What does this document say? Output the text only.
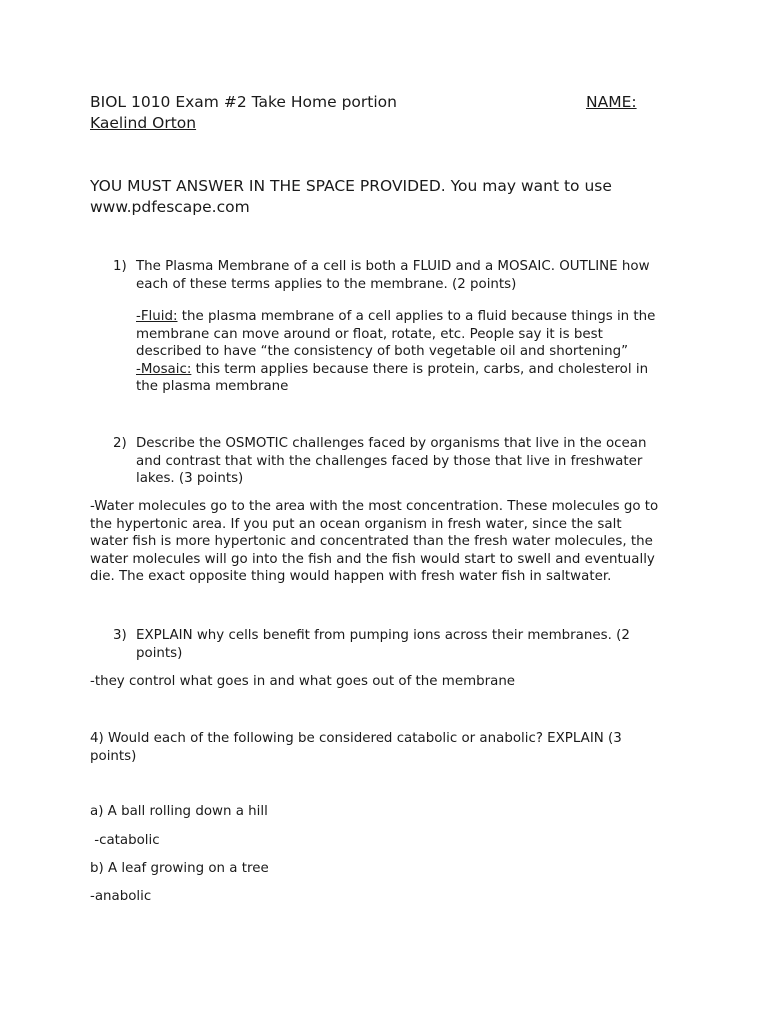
BIOL 1010 Exam #2 Take Home portion	NAME:
Kaelind Orton
YOU MUST ANSWER IN THE SPACE PROVIDED. You may want to use
www.pdfescape.com
1) The Plasma Membrane of a cell is both a FLUID and a MOSAIC. OUTLINE how
each of these terms applies to the membrane. (2 points)
-Fluid: the plasma membrane of a cell applies to a fluid because things in the
membrane can move around or float, rotate, etc. People say it is best
described to have “the consistency of both vegetable oil and shortening”
-Mosaic: this term applies because there is protein, carbs, and cholesterol in
the plasma membrane
2) Describe the OSMOTIC challenges faced by organisms that live in the ocean
and contrast that with the challenges faced by those that live in freshwater
lakes. (3 points)
-Water molecules go to the area with the most concentration. These molecules go to
the hypertonic area. If you put an ocean organism in fresh water, since the salt
water fish is more hypertonic and concentrated than the fresh water molecules, the
water molecules will go into the fish and the fish would start to swell and eventually
die. The exact opposite thing would happen with fresh water fish in saltwater.
3) EXPLAIN why cells benefit from pumping ions across their membranes. (2
points)
-they control what goes in and what goes out of the membrane
4) Would each of the following be considered catabolic or anabolic? EXPLAIN (3
points)
a) A ball rolling down a hill
-catabolic
b) A leaf growing on a tree
-anabolic
